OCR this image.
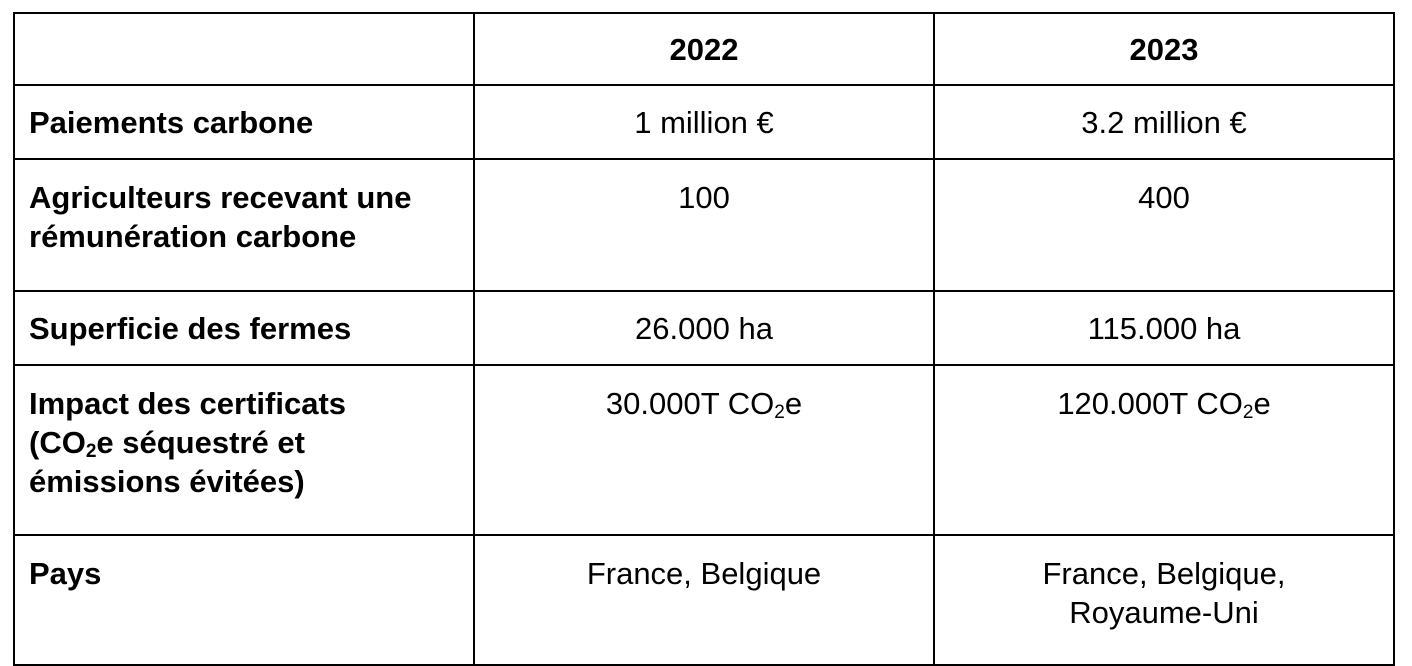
	2022	2023
Paiements carbone	1 million €	3.2 million €
Agriculteurs recevant une
rémunération carbone	100	400
Superficie des fermes	26.000 ha	115.000 ha
Impact des certificats
($CO_2e$ séquestré et
émissions évitées)	30.000T $CO_2e$	120.000T $CO_2e$
Pays	France, Belgique	France, Belgique,
Royaume-Uni
